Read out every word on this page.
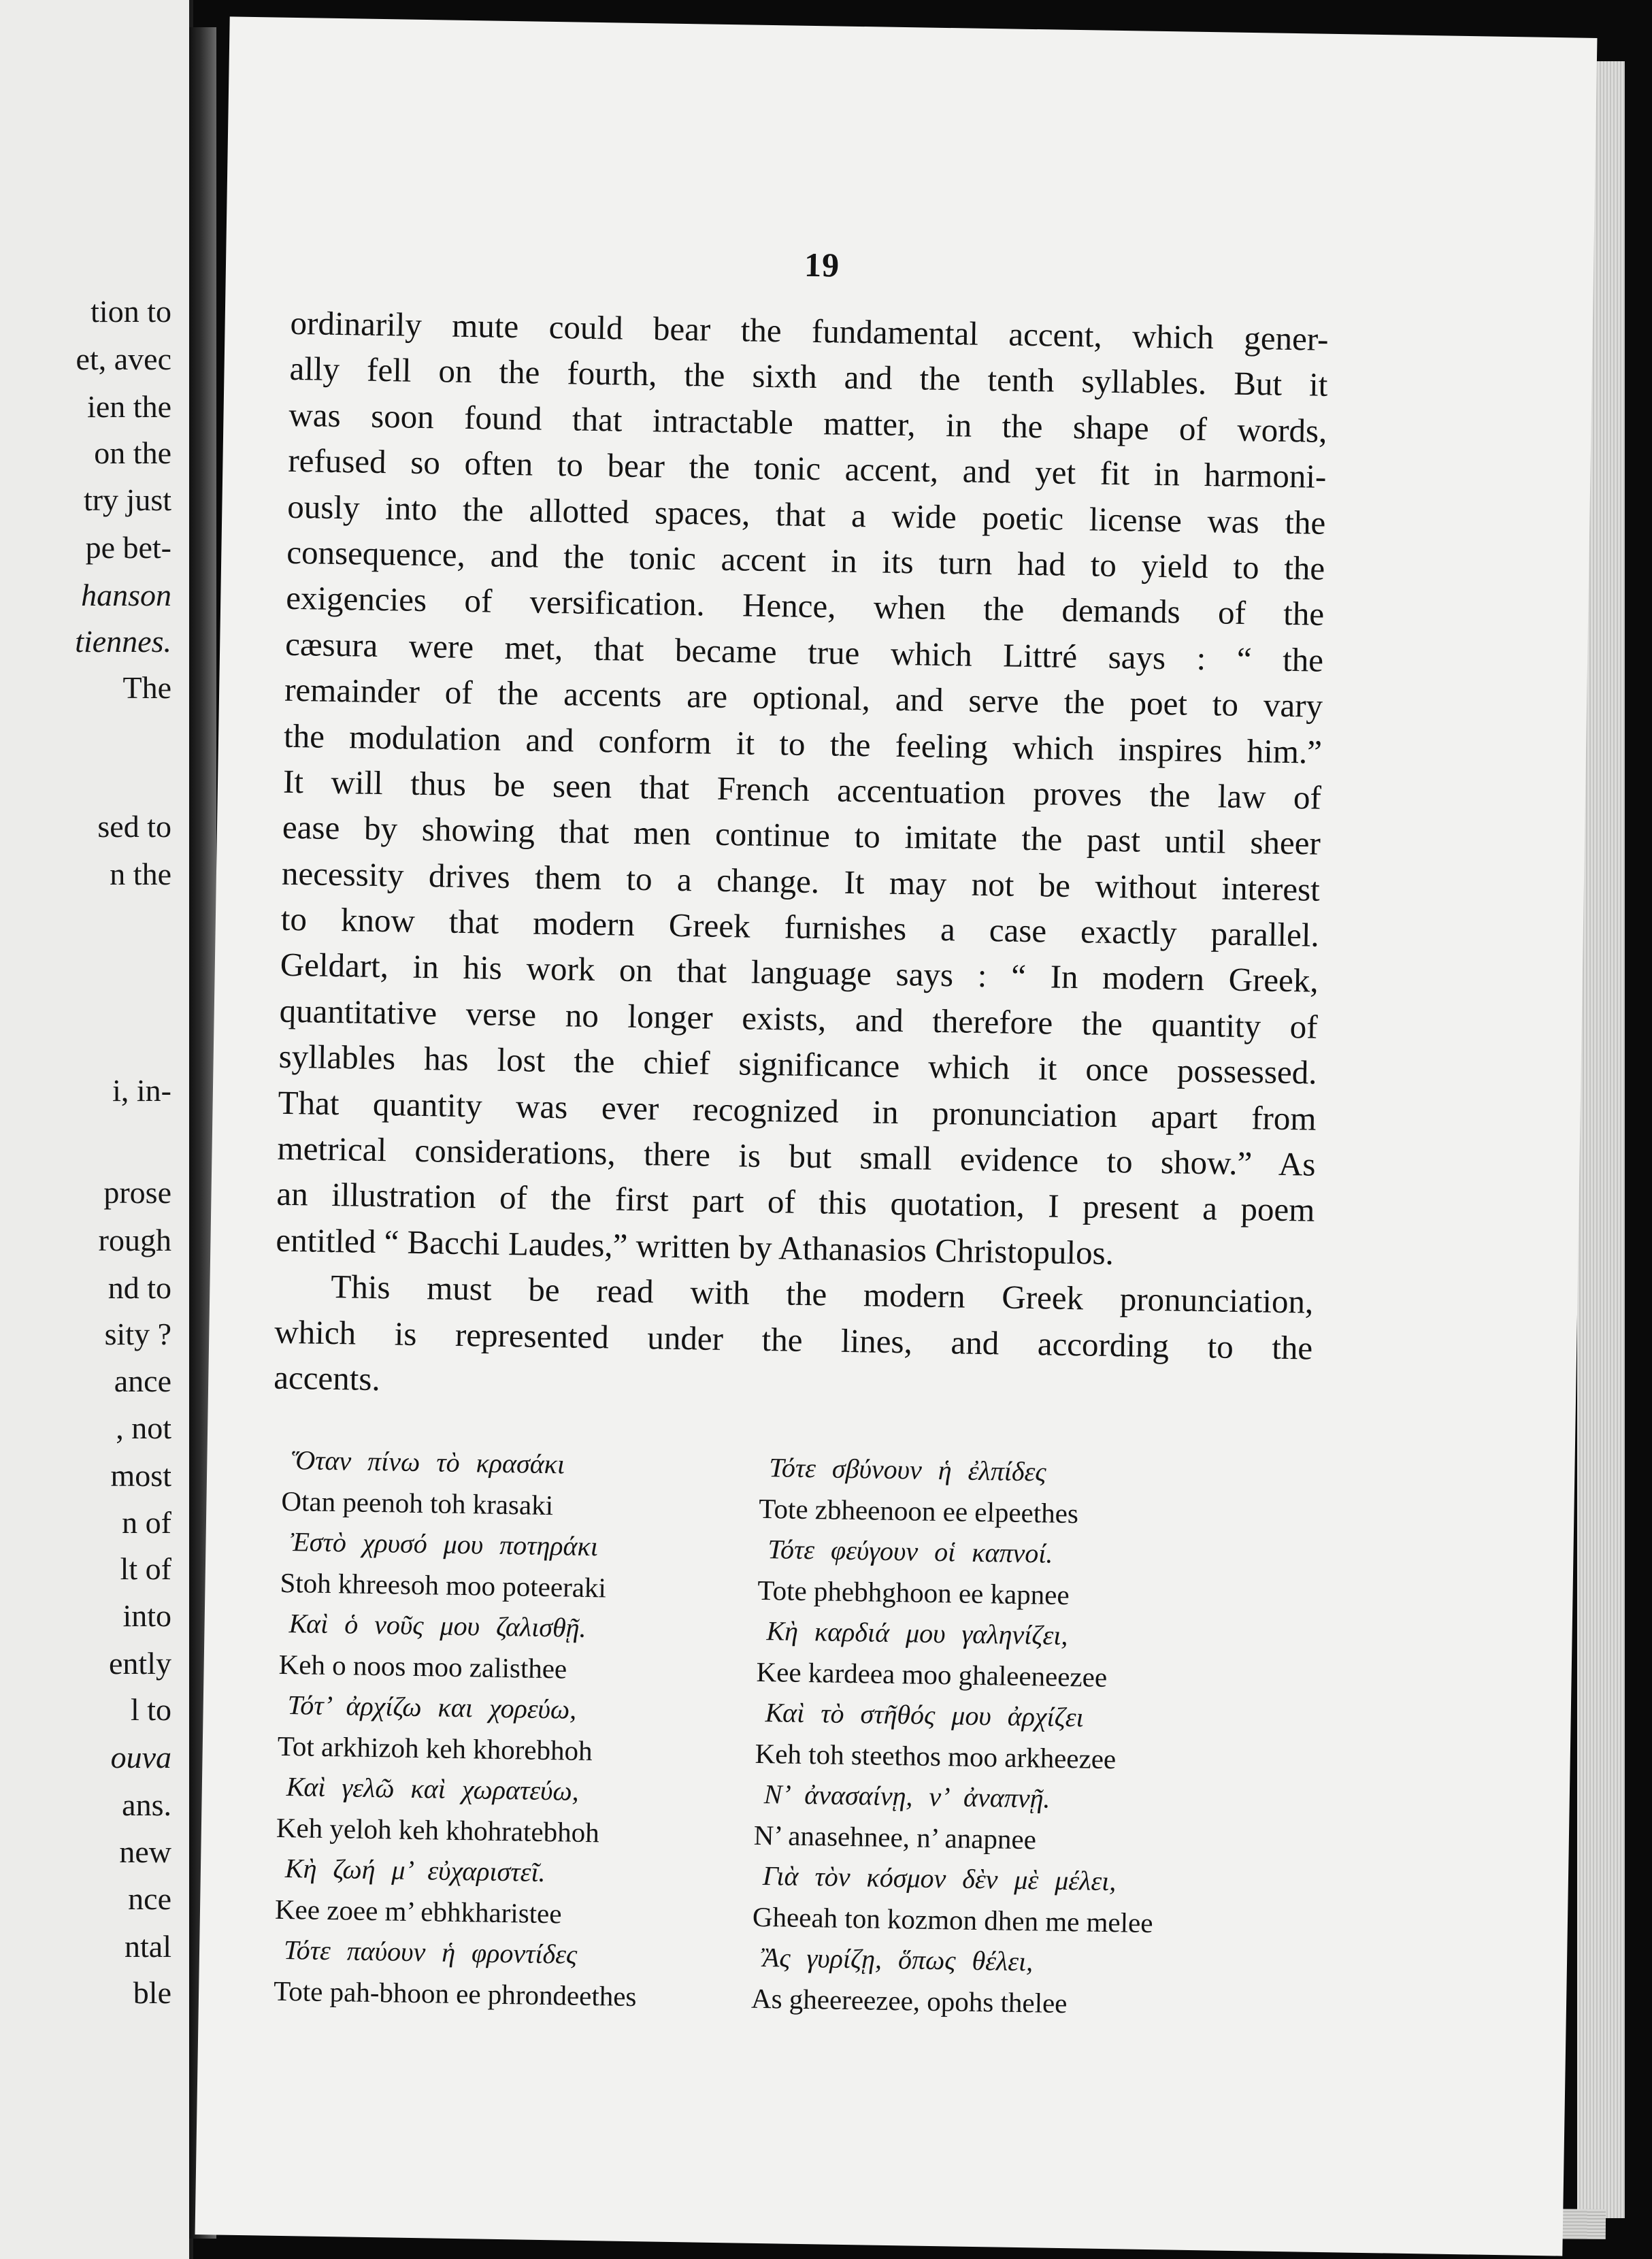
tion to
et, avec
ien the
on the
try just
pe bet-
hanson
tiennes.
The
sed to
n the
i, in-
prose
rough
nd to
sity ?
ance
, not
most
n of
lt of
into
ently
l to
ouva
ans.
new
nce
ntal
ble
19
ordinarily mute could bear the fundamental accent, which gener-
ally fell on the fourth, the sixth and the tenth syllables. But it
was soon found that intractable matter, in the shape of words,
refused so often to bear the tonic accent, and yet fit in harmoni-
ously into the allotted spaces, that a wide poetic license was the
consequence, and the tonic accent in its turn had to yield to the
exigencies of versification. Hence, when the demands of the
cæsura were met, that became true which Littré says : “ the
remainder of the accents are optional, and serve the poet to vary
the modulation and conform it to the feeling which inspires him.”
It will thus be seen that French accentuation proves the law of
ease by showing that men continue to imitate the past until sheer
necessity drives them to a change. It may not be without interest
to know that modern Greek furnishes a case exactly parallel.
Geldart, in his work on that language says : “ In modern Greek,
quantitative verse no longer exists, and therefore the quantity of
syllables has lost the chief significance which it once possessed.
That quantity was ever recognized in pronunciation apart from
metrical considerations, there is but small evidence to show.” As
an illustration of the first part of this quotation, I present a poem
entitled “ Bacchi Laudes,” written by Athanasios Christopulos.
This must be read with the modern Greek pronunciation,
which is represented under the lines, and according to the
accents.
Ὅταν πίνω τὸ κρασάκι
Otan peenoh toh krasaki
Ἐστὸ χρυσό μου ποτηράκι
Stoh khreesoh moo poteeraki
Καὶ ὁ νοῦς μου ζαλισθῇ.
Keh o noos moo zalisthee
Τότ’ ἀρχίζω και χορεύω,
Tot arkhizoh keh khorebhoh
Καὶ γελῶ καὶ χωρατεύω,
Keh yeloh keh khohratebhoh
Κὴ ζωή μ’ εὐχαριστεῖ.
Kee zoee m’ ebhkharistee
Τότε παύουν ἡ φροντίδες
Tote pah-bhoon ee phrondeethes
Τότε σβύνουν ἡ ἐλπίδες
Tote zbheenoon ee elpeethes
Τότε φεύγουν οἱ καπνοί.
Tote phebhghoon ee kapnee
Κὴ καρδιά μου γαληνίζει,
Kee kardeea moo ghaleeneezee
Καὶ τὸ στῆθός μου ἀρχίζει
Keh toh steethos moo arkheezee
Ν’ ἀνασαίνῃ, ν’ ἀναπνῇ.
N’ anasehnee, n’ anapnee
Γιὰ τὸν κόσμον δὲν μὲ μέλει,
Gheeah ton kozmon dhen me melee
Ἂς γυρίζῃ, ὅπως θέλει,
As gheereezee, opohs thelee
